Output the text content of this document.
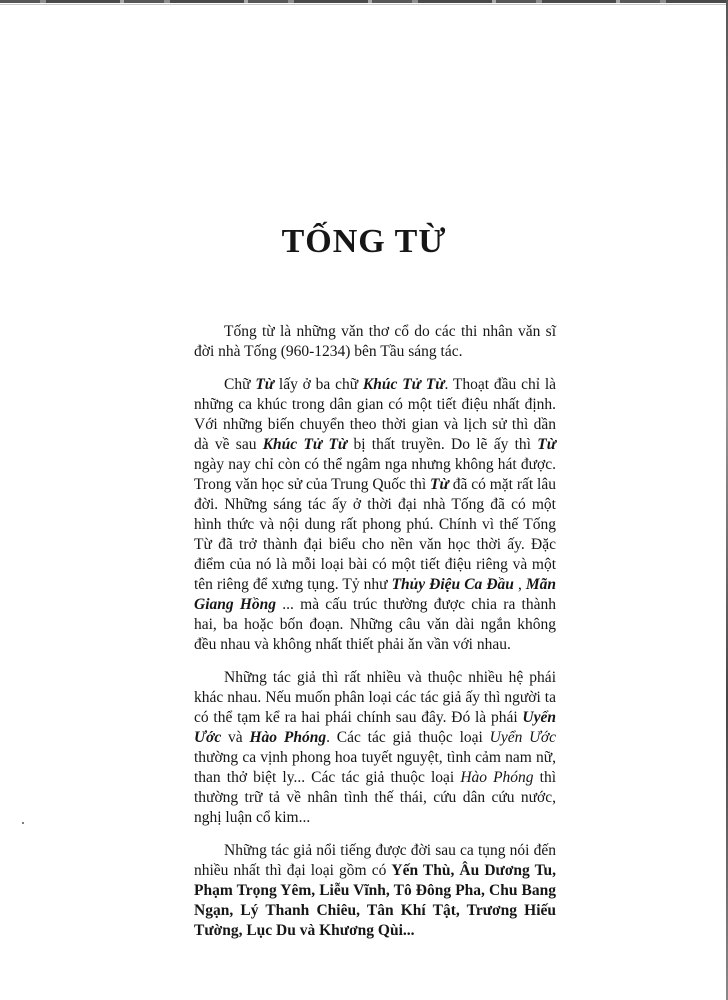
TỐNG TỪ

Tống từ là những vǎn thơ cổ do các thi nhân vǎn sĩ đời nhà Tống (960-1234) bên Tầu sáng tác.

Chữ Từ lấy ở ba chữ Khúc Tử Từ. Thoạt đầu chỉ là những ca khúc trong dân gian có một tiết điệu nhất định. Với những biến chuyển theo thời gian và lịch sử thì dần dà về sau Khúc Tử Từ bị thất truyền. Do lẽ ấy thì Từ ngày nay chỉ còn có thể ngâm nga nhưng không hát được. Trong vǎn học sử của Trung Quốc thì Từ đã có mặt rất lâu đời. Những sáng tác ấy ở thời đại nhà Tống đã có một hình thức và nội dung rất phong phú. Chính vì thế Tống Từ đã trở thành đại biểu cho nền vǎn học thời ấy. Đặc điểm của nó là mỗi loại bài có một tiết điệu riêng và một tên riêng để xưng tụng. Tỷ như Thủy Điệu Ca Đầu , Mãn Giang Hồng ... mà cấu trúc thường được chia ra thành hai, ba hoặc bốn đoạn. Những câu vǎn dài ngắn không đều nhau và không nhất thiết phải ǎn vần với nhau.

Những tác giả thì rất nhiều và thuộc nhiều hệ phái khác nhau. Nếu muốn phân loại các tác giả ấy thì người ta có thể tạm kể ra hai phái chính sau đây. Đó là phái Uyển Ước và Hào Phóng. Các tác giả thuộc loại Uyển Ước thường ca vịnh phong hoa tuyết nguyệt, tình cảm nam nữ, than thở biệt ly... Các tác giả thuộc loại Hào Phóng thì thường trữ tả về nhân tình thế thái, cứu dân cứu nước, nghị luận cổ kim...

Những tác giả nổi tiếng được đời sau ca tụng nói đến nhiều nhất thì đại loại gồm có Yến Thù, Âu Dương Tu, Phạm Trọng Yêm, Liễu Vĩnh, Tô Đông Pha, Chu Bang Ngạn, Lý Thanh Chiêu, Tân Khí Tật, Trương Hiếu Tường, Lục Du và Khương Qùi...
